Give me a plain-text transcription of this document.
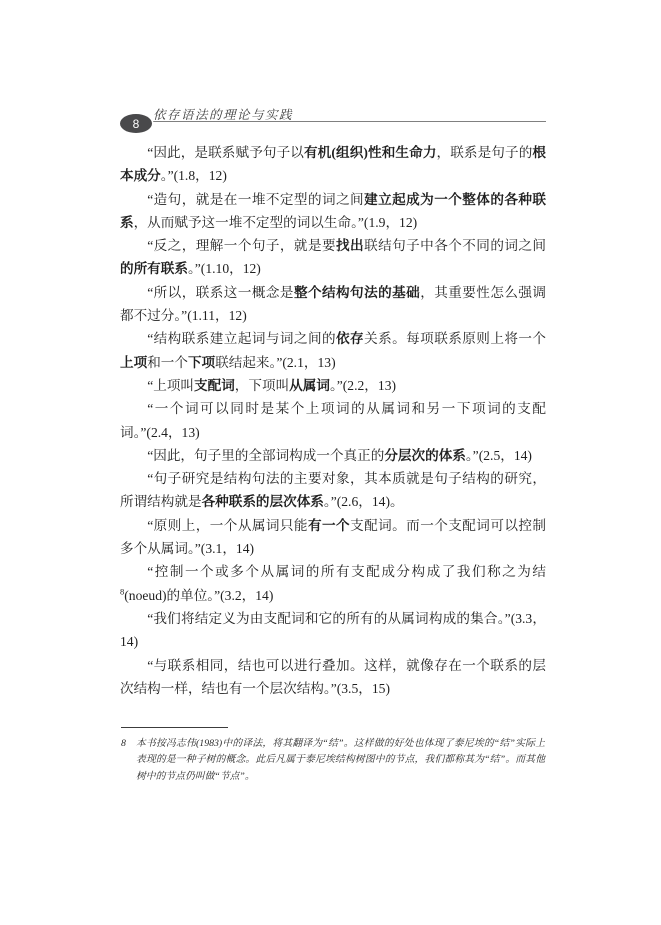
8
依存语法的理论与实践

“因此，是联系赋予句子以有机(组织)性和生命力，联系是句子的根本成分。”(1.8，12)

“造句，就是在一堆不定型的词之间建立起成为一个整体的各种联系，从而赋予这一堆不定型的词以生命。”(1.9，12)

“反之，理解一个句子，就是要找出联结句子中各个不同的词之间的所有联系。”(1.10，12)

“所以，联系这一概念是整个结构句法的基础，其重要性怎么强调都不过分。”(1.11，12)

“结构联系建立起词与词之间的依存关系。每项联系原则上将一个上项和一个下项联结起来。”(2.1，13)

“上项叫支配词，下项叫从属词。”(2.2，13)

“一个词可以同时是某个上项词的从属词和另一下项词的支配词。”(2.4，13)

“因此，句子里的全部词构成一个真正的分层次的体系。”(2.5，14)

“句子研究是结构句法的主要对象，其本质就是句子结构的研究，所谓结构就是各种联系的层次体系。”(2.6，14)。

“原则上，一个从属词只能有一个支配词。而一个支配词可以控制多个从属词。”(3.1，14)

“控制一个或多个从属词的所有支配成分构成了我们称之为结$^8$(noeud)的单位。”(3.2，14)

“我们将结定义为由支配词和它的所有的从属词构成的集合。”(3.3，14)

“与联系相同，结也可以进行叠加。这样，就像存在一个联系的层次结构一样，结也有一个层次结构。”(3.5，15)

8	本书按冯志伟(1983)中的译法，将其翻译为“结”。这样做的好处也体现了泰尼埃的“结”实际上表现的是一种子树的概念。此后凡属于泰尼埃结构树图中的节点，我们都称其为“结”。而其他树中的节点仍叫做“节点”。
